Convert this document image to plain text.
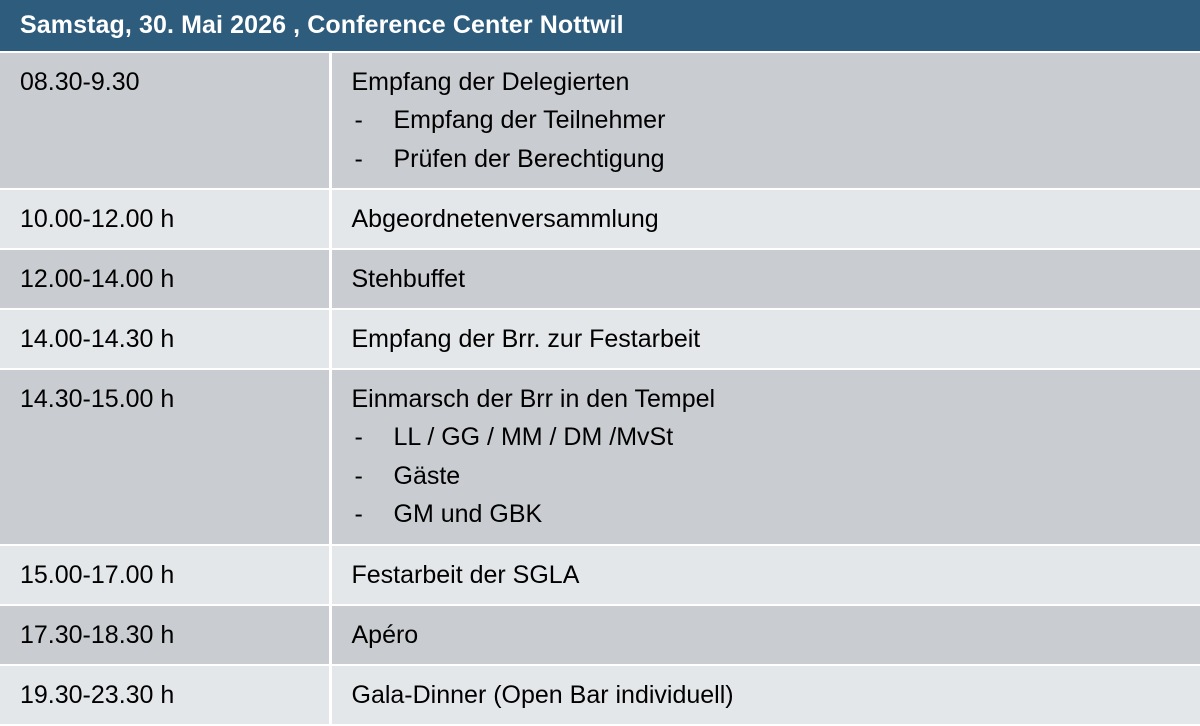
Samstag, 30. Mai 2026 , Conference Center Nottwil	
08.30-9.30	Empfang der Delegierten
- Empfang der Teilnehmer
- Prüfen der Berechtigung

10.00-12.00 h	Abgeordnetenversammlung

12.00-14.00 h	Stehbuffet

14.00-14.30 h	Empfang der Brr. zur Festarbeit

14.30-15.00 h	Einmarsch der Brr in den Tempel
- LL / GG / MM / DM /MvSt
- Gäste
- GM und GBK

15.00-17.00 h	Festarbeit der SGLA

17.30-18.30 h	Apéro

19.30-23.30 h	Gala-Dinner (Open Bar individuell)
